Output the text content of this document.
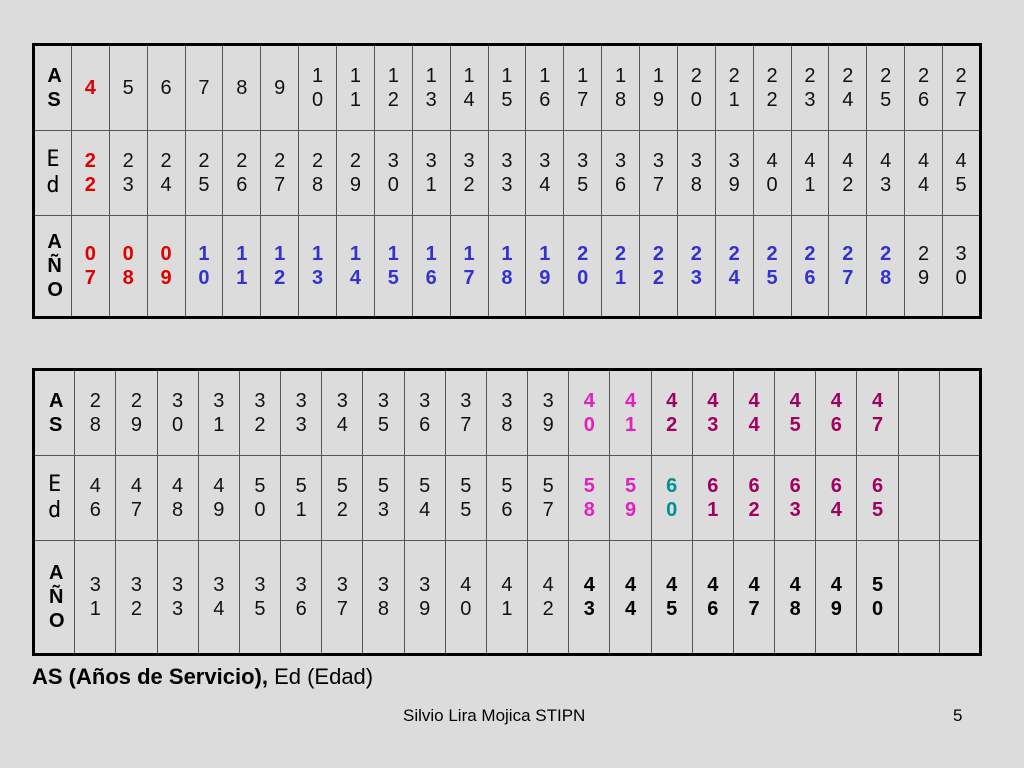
AS	4	5	6	7	8	9	10	11	12	13	14	15	16	17	18	19	20	21	22	23	24	25	26	27
Ed	22	23	24	25	26	27	28	29	30	31	32	33	34	35	36	37	38	39	40	41	42	43	44	45
AÑO	07	08	09	10	11	12	13	14	15	16	17	18	19	20	21	22	23	24	25	26	27	28	29	30
AS	28	29	30	31	32	33	34	35	36	37	38	39	40	41	42	43	44	45	46	47		
Ed	46	47	48	49	50	51	52	53	54	55	56	57	58	59	60	61	62	63	64	65		
AÑO	31	32	33	34	35	36	37	38	39	40	41	42	43	44	45	46	47	48	49	50		
AS (Años de Servicio), Ed (Edad)
Silvio Lira Mojica STIPN	5
